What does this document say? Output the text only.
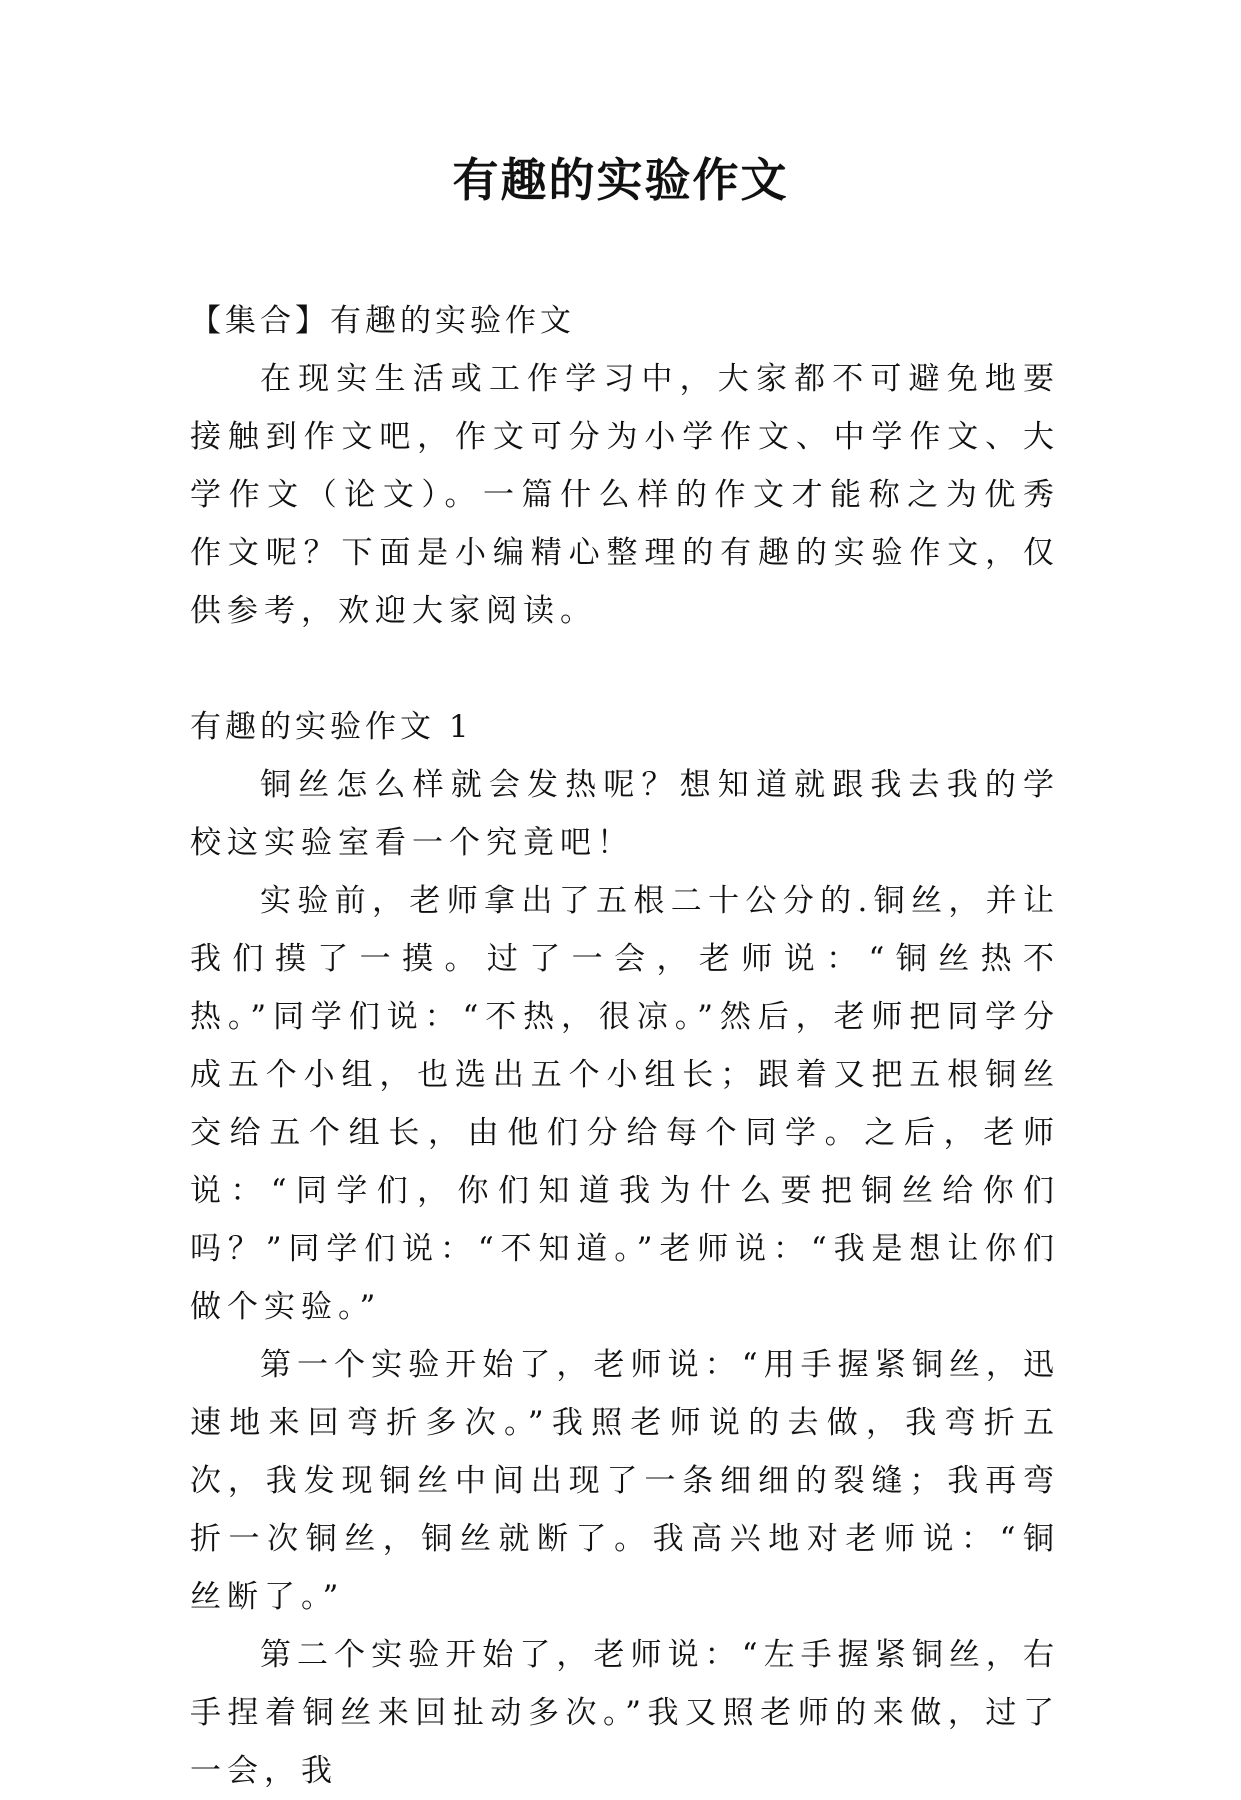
有趣的实验作文

【集合】有趣的实验作文

在现实生活或工作学习中，大家都不可避免地要接触到作文吧，作文可分为小学作文、中学作文、大学作文（论文）。一篇什么样的作文才能称之为优秀作文呢？下面是小编精心整理的有趣的实验作文，仅供参考，欢迎大家阅读。

有趣的实验作文 1

铜丝怎么样就会发热呢？想知道就跟我去我的学校这实验室看一个究竟吧！

实验前，老师拿出了五根二十公分的.铜丝，并让我们摸了一摸。过了一会，老师说：“铜丝热不热。”同学们说：“不热，很凉。”然后，老师把同学分成五个小组，也选出五个小组长；跟着又把五根铜丝交给五个组长，由他们分给每个同学。之后，老师说：“同学们，你们知道我为什么要把铜丝给你们吗？”同学们说：“不知道。”老师说：“我是想让你们做个实验。”

第一个实验开始了，老师说：“用手握紧铜丝，迅速地来回弯折多次。”我照老师说的去做，我弯折五次，我发现铜丝中间出现了一条细细的裂缝；我再弯折一次铜丝，铜丝就断了。我高兴地对老师说：“铜丝断了。”

第二个实验开始了，老师说：“左手握紧铜丝，右手捏着铜丝来回扯动多次。”我又照老师的来做，过了一会，我
